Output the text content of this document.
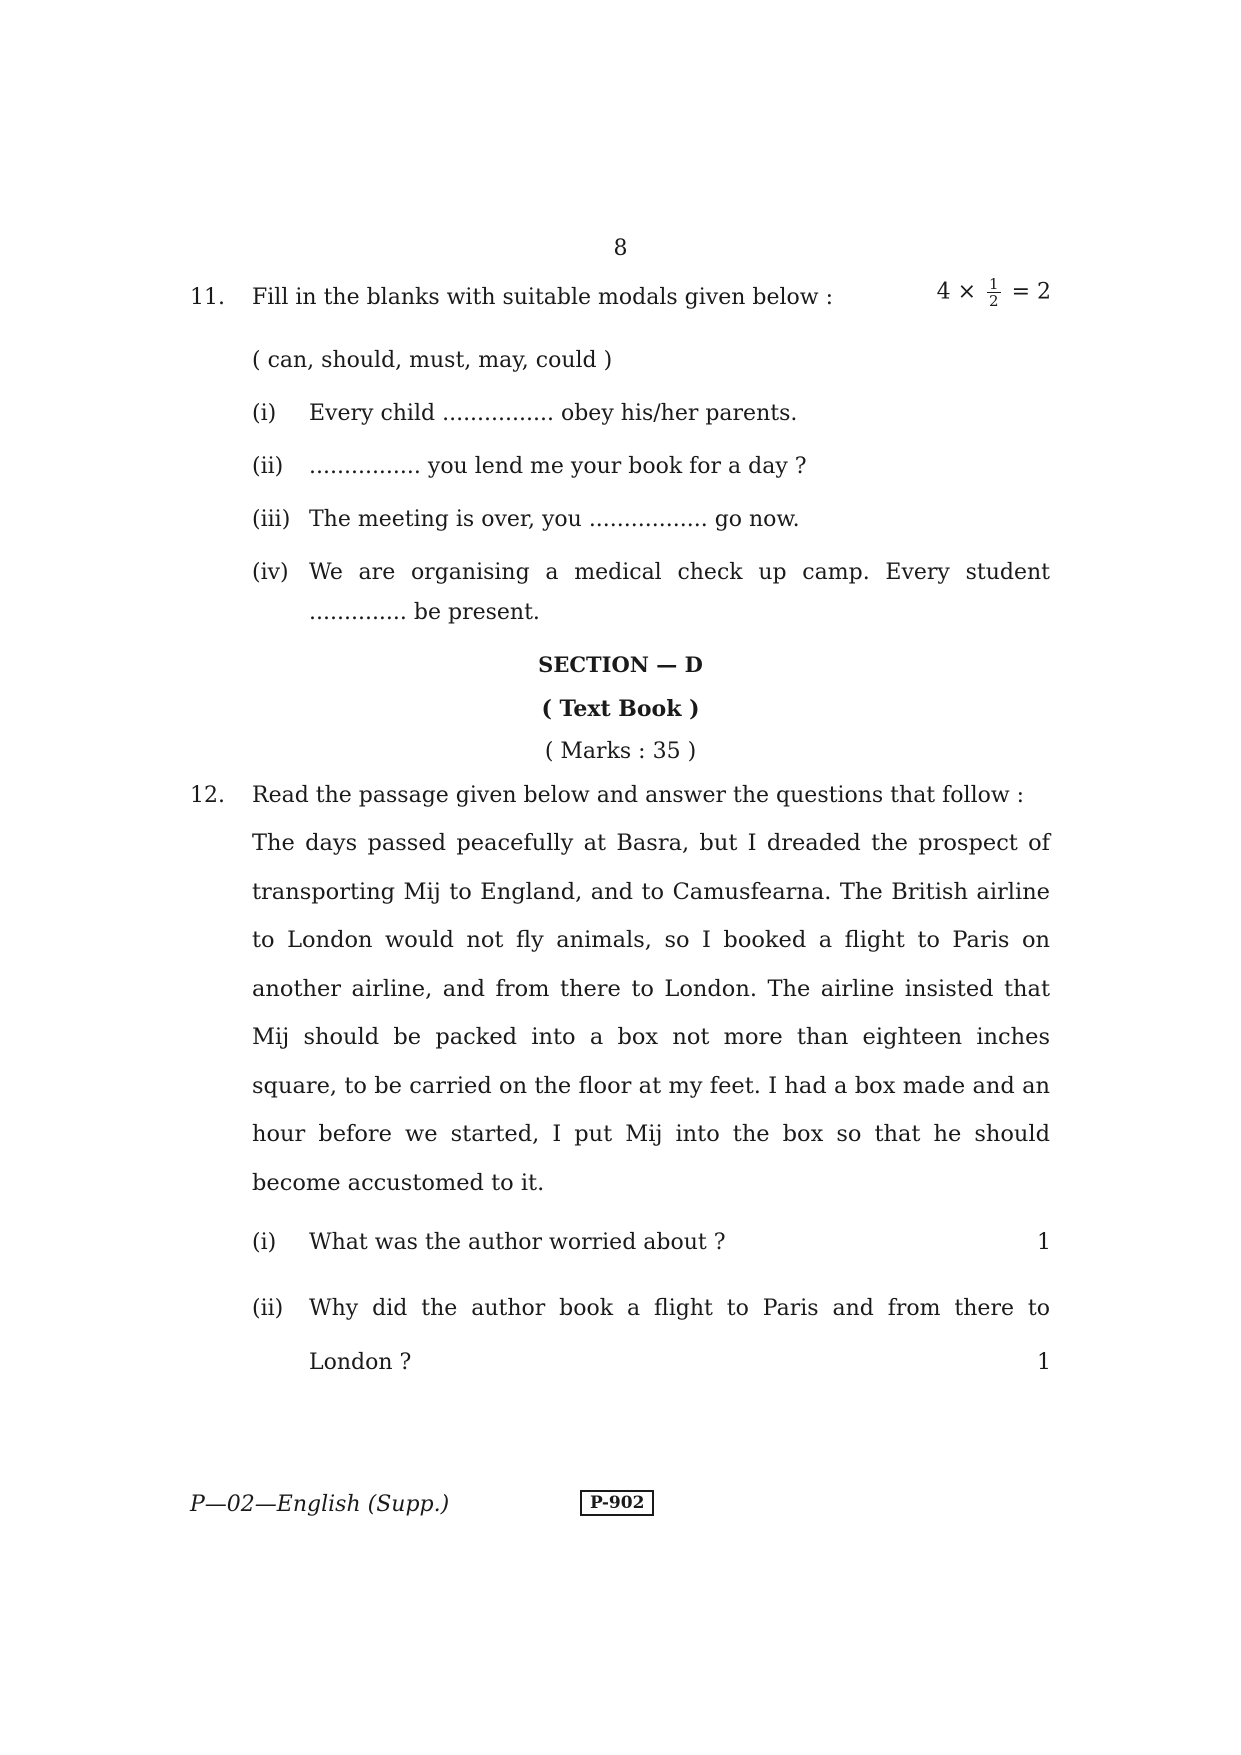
8
11. Fill in the blanks with suitable modals given below :	$4 \times \frac{1}{2} = 2$
( can, should, must, may, could )
(i) Every child ................ obey his/her parents.
(ii) ................ you lend me your book for a day ?
(iii) The meeting is over, you ................. go now.
(iv) We are organising a medical check up camp. Every student
.............. be present.
SECTION — D
( Text Book )
( Marks : 35 )
12. Read the passage given below and answer the questions that follow :
The days passed peacefully at Basra, but I dreaded the prospect of transporting Mij to England, and to Camusfearna. The British airline to London would not fly animals, so I booked a flight to Paris on another airline, and from there to London. The airline insisted that Mij should be packed into a box not more than eighteen inches square, to be carried on the floor at my feet. I had a box made and an hour before we started, I put Mij into the box so that he should become accustomed to it.
(i) What was the author worried about ?	1
(ii) Why did the author book a flight to Paris and from there to
London ?	1
P—02—English (Supp.)	P-902
